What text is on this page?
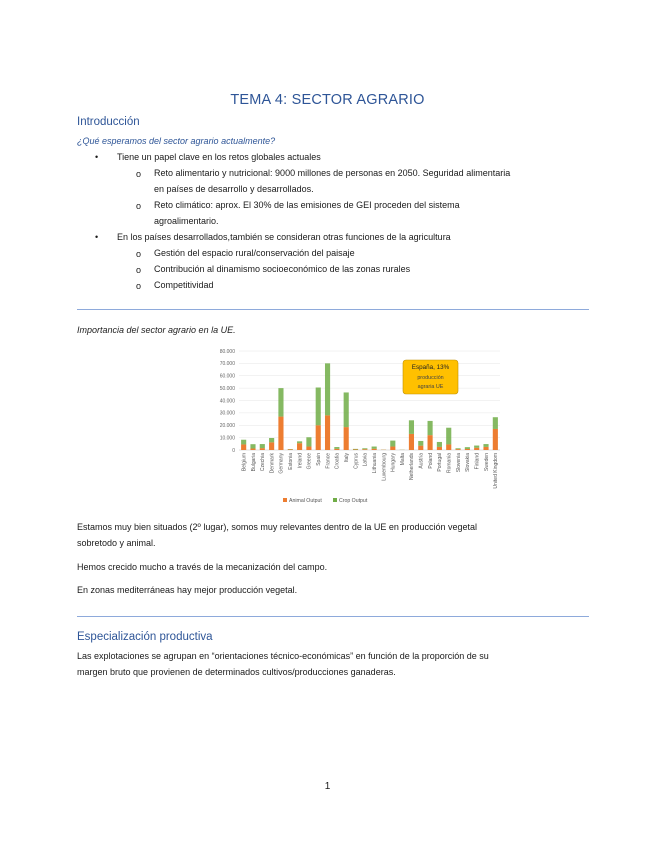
TEMA 4: SECTOR AGRARIO
Introducción
¿Qué esperamos del sector agrario actualmente?
• Tiene un papel clave en los retos globales actuales
o Reto alimentario y nutricional: 9000 millones de personas en 2050. Seguridad alimentaria
en países de desarrollo y desarrollados.
o Reto climático: aprox. El 30% de las emisiones de GEI proceden del sistema
agroalimentario.
• En los países desarrollados,también se consideran otras funciones de la agricultura
o Gestión del espacio rural/conservación del paisaje
o Contribución al dinamismo socioeconómico de las zonas rurales
o Competitividad
Importancia del sector agrario en la UE.
80.000
70.000
60.000
50.000
40.000
30.000
20.000
10.000
0
Belgium Bulgaria Czechia Denmark Germany Estonia Ireland Greece Spain France Croatia Italy Cyprus Latvia Lithuania Luxembourg Hungary Malta Netherlands Austria Poland Portugal Romania Slovenia Slovakia Finland Sweden United Kingdom
España, 13%
producción
agraria UE
Animal Output	Crop Output
Estamos muy bien situados (2º lugar), somos muy relevantes dentro de la UE en producción vegetal
sobretodo y animal.
Hemos crecido mucho a través de la mecanización del campo.
En zonas mediterráneas hay mejor producción vegetal.
Especialización productiva
Las explotaciones se agrupan en “orientaciones técnico-económicas” en función de la proporción de su
margen bruto que provienen de determinados cultivos/producciones ganaderas.
1
